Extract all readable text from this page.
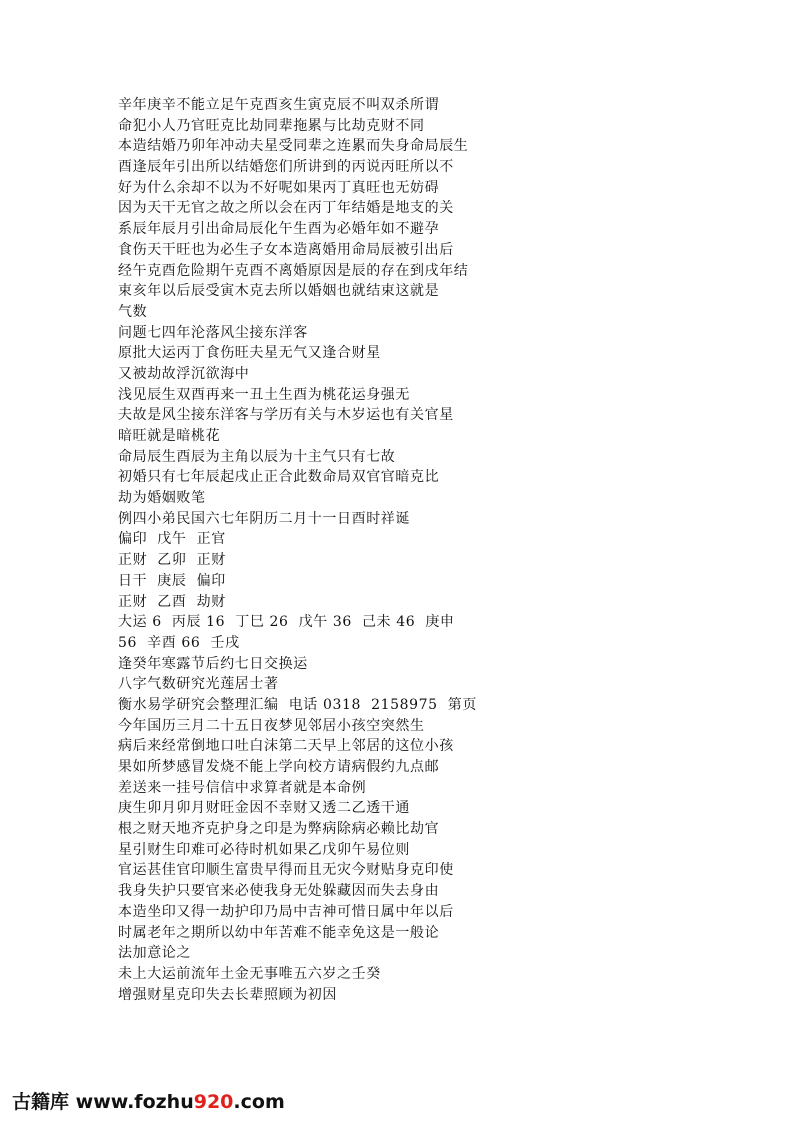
辛年庚辛不能立足午克酉亥生寅克辰不叫双杀所谓
命犯小人乃官旺克比劫同辈拖累与比劫克财不同
本造结婚乃卯年冲动夫星受同辈之连累而失身命局辰生
酉逢辰年引出所以结婚您们所讲到的丙说丙旺所以不
好为什么余却不以为不好呢如果丙丁真旺也无妨碍
因为天干无官之故之所以会在丙丁年结婚是地支的关
系辰年辰月引出命局辰化午生酉为必婚年如不避孕
食伤天干旺也为必生子女本造离婚用命局辰被引出后
经午克酉危险期午克酉不离婚原因是辰的存在到戌年结
束亥年以后辰受寅木克去所以婚姻也就结束这就是
气数
问题七四年沦落风尘接东洋客
原批大运丙丁食伤旺夫星无气又逢合财星
又被劫故浮沉欲海中
浅见辰生双酉再来一丑土生酉为桃花运身强无
夫故是风尘接东洋客与学历有关与木岁运也有关官星
暗旺就是暗桃花
命局辰生酉辰为主角以辰为十主气只有七故
初婚只有七年辰起戌止正合此数命局双官官暗克比
劫为婚姻败笔
例四小弟民国六七年阴历二月十一日酉时祥诞
偏印  戊午  正官
正财  乙卯  正财
日干  庚辰  偏印
正财  乙酉  劫财
大运 6  丙辰 16  丁巳 26  戊午 36  己未 46  庚申
56  辛酉 66  壬戌
逢癸年寒露节后约七日交换运
八字气数研究光莲居士著
衡水易学研究会整理汇编  电话 0318  2158975  第页
今年国历三月二十五日夜梦见邻居小孩空突然生
病后来经常倒地口吐白沫第二天早上邻居的这位小孩
果如所梦感冒发烧不能上学向校方请病假约九点邮
差送来一挂号信信中求算者就是本命例
庚生卯月卯月财旺金因不幸财又透二乙透干通
根之财天地齐克护身之印是为弊病除病必赖比劫官
星引财生印难可必待时机如果乙戊卯午易位则
官运甚佳官印顺生富贵早得而且无灾今财贴身克印使
我身失护只要官来必使我身无处躲藏因而失去身由
本造坐印又得一劫护印乃局中吉神可惜日属中年以后
时属老年之期所以幼中年苦难不能幸免这是一般论
法加意论之
未上大运前流年土金无事唯五六岁之壬癸
增强财星克印失去长辈照顾为初因
古籍库 www.fozhu920.com
